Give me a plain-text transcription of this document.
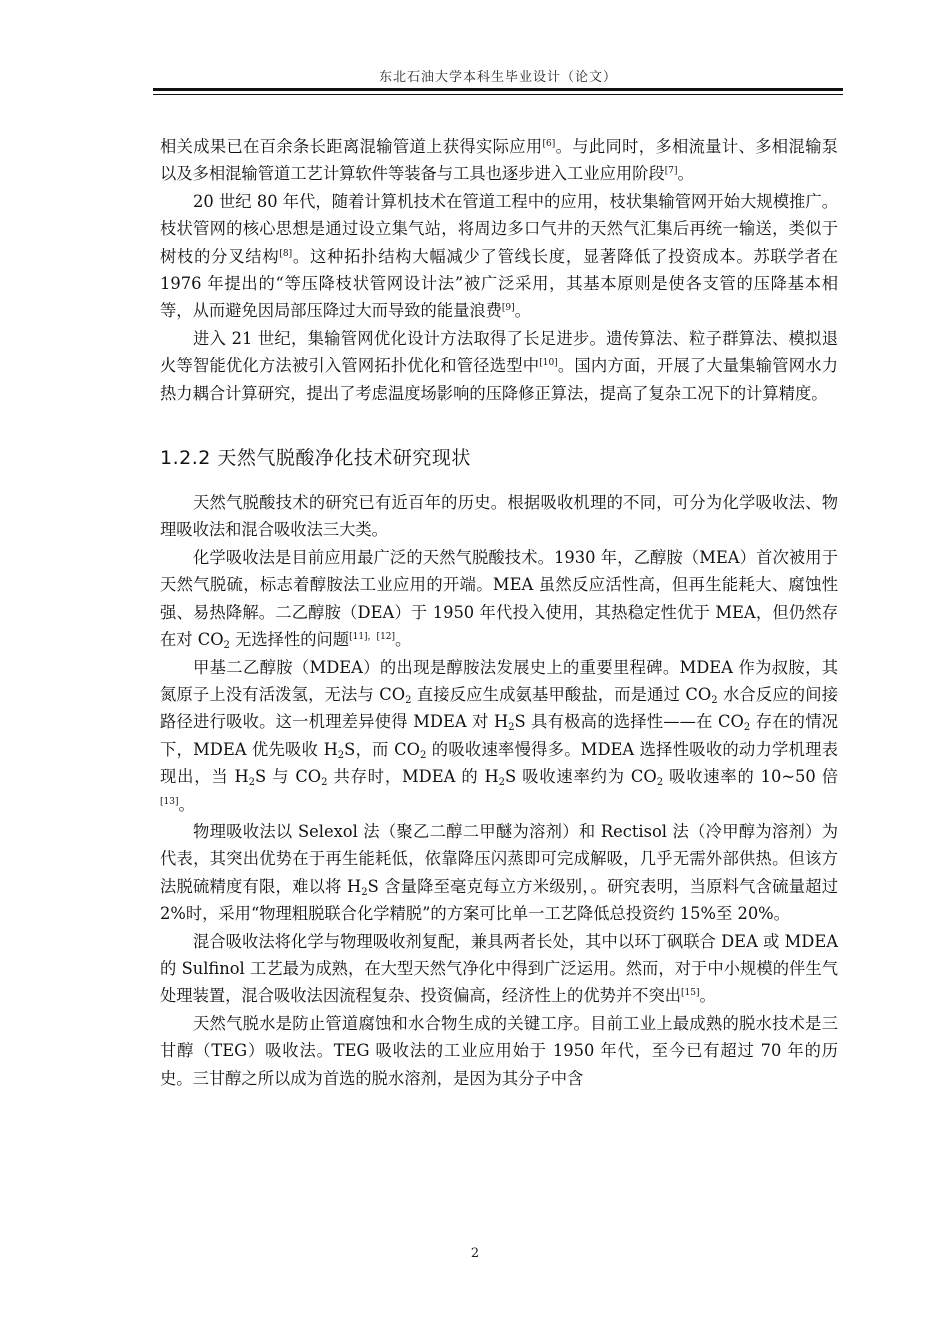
东北石油大学本科生毕业设计（论文）

相关成果已在百余条长距离混输管道上获得实际应用[6]。与此同时，多相流量计、多相混输泵以及多相混输管道工艺计算软件等装备与工具也逐步进入工业应用阶段[7]。

20 世纪 80 年代，随着计算机技术在管道工程中的应用，枝状集输管网开始大规模推广。枝状管网的核心思想是通过设立集气站，将周边多口气井的天然气汇集后再统一输送，类似于树枝的分叉结构[8]。这种拓扑结构大幅减少了管线长度，显著降低了投资成本。苏联学者在 1976 年提出的“等压降枝状管网设计法”被广泛采用，其基本原则是使各支管的压降基本相等，从而避免因局部压降过大而导致的能量浪费[9]。

进入 21 世纪，集输管网优化设计方法取得了长足进步。遗传算法、粒子群算法、模拟退火等智能优化方法被引入管网拓扑优化和管径选型中[10]。国内方面，开展了大量集输管网水力热力耦合计算研究，提出了考虑温度场影响的压降修正算法，提高了复杂工况下的计算精度。

1.2.2 天然气脱酸净化技术研究现状

天然气脱酸技术的研究已有近百年的历史。根据吸收机理的不同，可分为化学吸收法、物理吸收法和混合吸收法三大类。

化学吸收法是目前应用最广泛的天然气脱酸技术。1930 年，乙醇胺（MEA）首次被用于天然气脱硫，标志着醇胺法工业应用的开端。MEA 虽然反应活性高，但再生能耗大、腐蚀性强、易热降解。二乙醇胺（DEA）于 1950 年代投入使用，其热稳定性优于 MEA，但仍然存在对 $CO_2$ 无选择性的问题[11]，[12]。

甲基二乙醇胺（MDEA）的出现是醇胺法发展史上的重要里程碑。MDEA 作为叔胺，其氮原子上没有活泼氢，无法与 $CO_2$ 直接反应生成氨基甲酸盐，而是通过 $CO_2$ 水合反应的间接路径进行吸收。这一机理差异使得 MDEA 对 $H_2S$ 具有极高的选择性——在 $CO_2$ 存在的情况下，MDEA 优先吸收 $H_2S$，而 $CO_2$ 的吸收速率慢得多。MDEA 选择性吸收的动力学机理表现出，当 $H_2S$ 与 $CO_2$ 共存时，MDEA 的 $H_2S$ 吸收速率约为 $CO_2$ 吸收速率的 10~50 倍[13]。

物理吸收法以 Selexol 法（聚乙二醇二甲醚为溶剂）和 Rectisol 法（冷甲醇为溶剂）为代表，其突出优势在于再生能耗低，依靠降压闪蒸即可完成解吸，几乎无需外部供热。但该方法脱硫精度有限，难以将 $H_2S$ 含量降至毫克每立方米级别，。研究表明，当原料气含硫量超过 2%时，采用“物理粗脱联合化学精脱”的方案可比单一工艺降低总投资约 15%至 20%。

混合吸收法将化学与物理吸收剂复配，兼具两者长处，其中以环丁砜联合 DEA 或 MDEA 的 Sulfinol 工艺最为成熟，在大型天然气净化中得到广泛运用。然而，对于中小规模的伴生气处理装置，混合吸收法因流程复杂、投资偏高，经济性上的优势并不突出[15]。

天然气脱水是防止管道腐蚀和水合物生成的关键工序。目前工业上最成熟的脱水技术是三甘醇（TEG）吸收法。TEG 吸收法的工业应用始于 1950 年代，至今已有超过 70 年的历史。三甘醇之所以成为首选的脱水溶剂，是因为其分子中含

2
